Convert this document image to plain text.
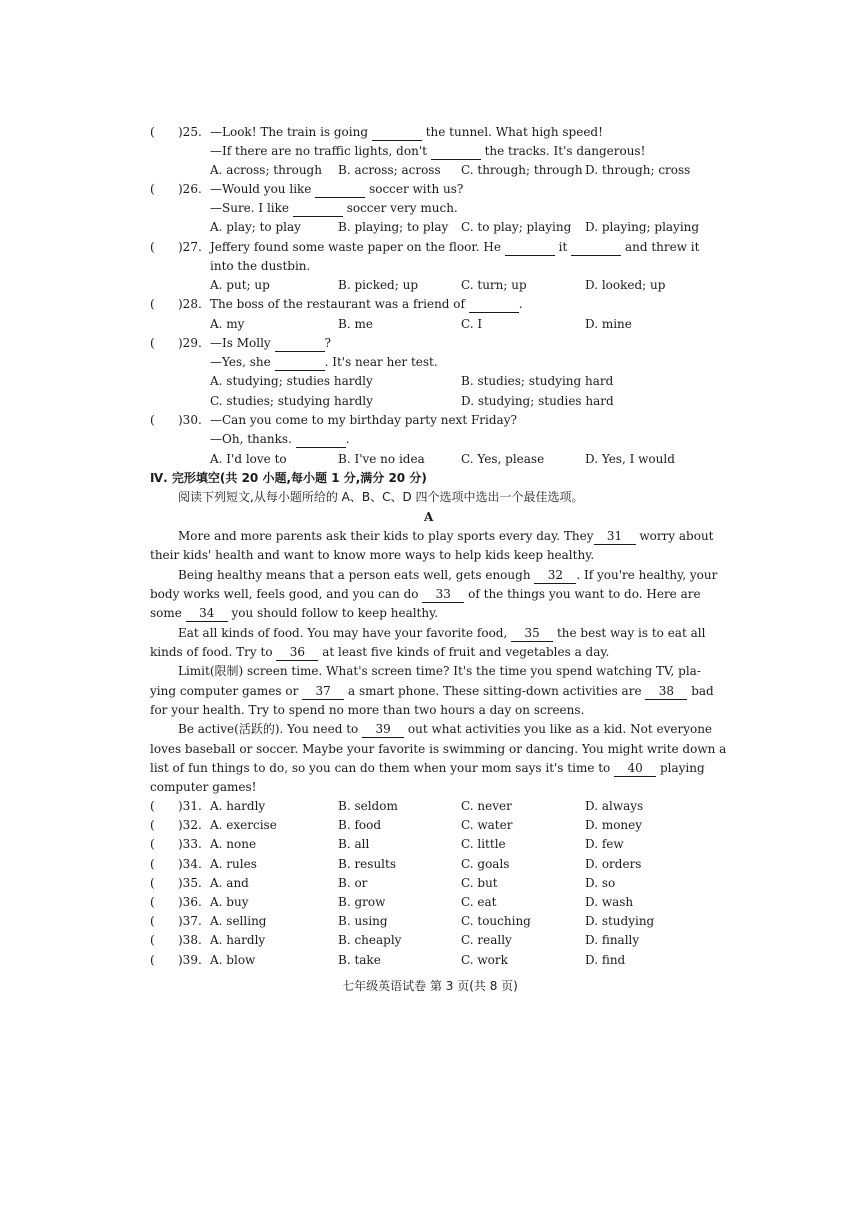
( )25. —Look! The train is going	the tunnel. What high speed!
—If there are no traffic lights, don't	the tracks. It's dangerous!
A. across; through B. across; across C. through; through D. through; cross
( )26. —Would you like	soccer with us?
—Sure. I like	soccer very much.
A. play; to play	B. playing; to play C. to play; playing D. playing; playing
( )27. Jeffery found some waste paper on the floor. He	it	and threw it
into the dustbin.
A. put; up	B. picked; up	C. turn; up	D. looked; up
( )28. The boss of the restaurant was a friend of	.
A. my	B. me	C. I	D. mine
( )29. —Is Molly	?
—Yes, she	. It's near her test.
A. studying; studies hardly	B. studies; studying hard
C. studies; studying hardly	D. studying; studies hard
( )30. —Can you come to my birthday party next Friday?
—Oh, thanks.	.
A. I'd love to	B. I've no idea	C. Yes, please	D. Yes, I would
Ⅳ. 完形填空(共 20 小题,每小题 1 分,满分 20 分)
阅读下列短文,从每小题所给的 A、B、C、D 四个选项中选出一个最佳选项。
A
More and more parents ask their kids to play sports every day. They 31 worry about
their kids' health and want to know more ways to help kids keep healthy.
Being healthy means that a person eats well, gets enough 32 . If you're healthy, your
body works well, feels good, and you can do 33 of the things you want to do. Here are
some 34 you should follow to keep healthy.
Eat all kinds of food. You may have your favorite food, 35 the best way is to eat all
kinds of food. Try to 36 at least five kinds of fruit and vegetables a day.
Limit(限制) screen time. What's screen time? It's the time you spend watching TV, pla-
ying computer games or 37 a smart phone. These sitting-down activities are 38 bad
for your health. Try to spend no more than two hours a day on screens.
Be active(活跃的). You need to 39 out what activities you like as a kid. Not everyone
loves baseball or soccer. Maybe your favorite is swimming or dancing. You might write down a
list of fun things to do, so you can do them when your mom says it's time to 40 playing
computer games!
( )31. A. hardly	B. seldom	C. never	D. always
( )32. A. exercise	B. food	C. water	D. money
( )33. A. none	B. all	C. little	D. few
( )34. A. rules	B. results	C. goals	D. orders
( )35. A. and	B. or	C. but	D. so
( )36. A. buy	B. grow	C. eat	D. wash
( )37. A. selling	B. using	C. touching	D. studying
( )38. A. hardly	B. cheaply	C. really	D. finally
( )39. A. blow	B. take	C. work	D. find
七年级英语试卷 第 3 页(共 8 页)
